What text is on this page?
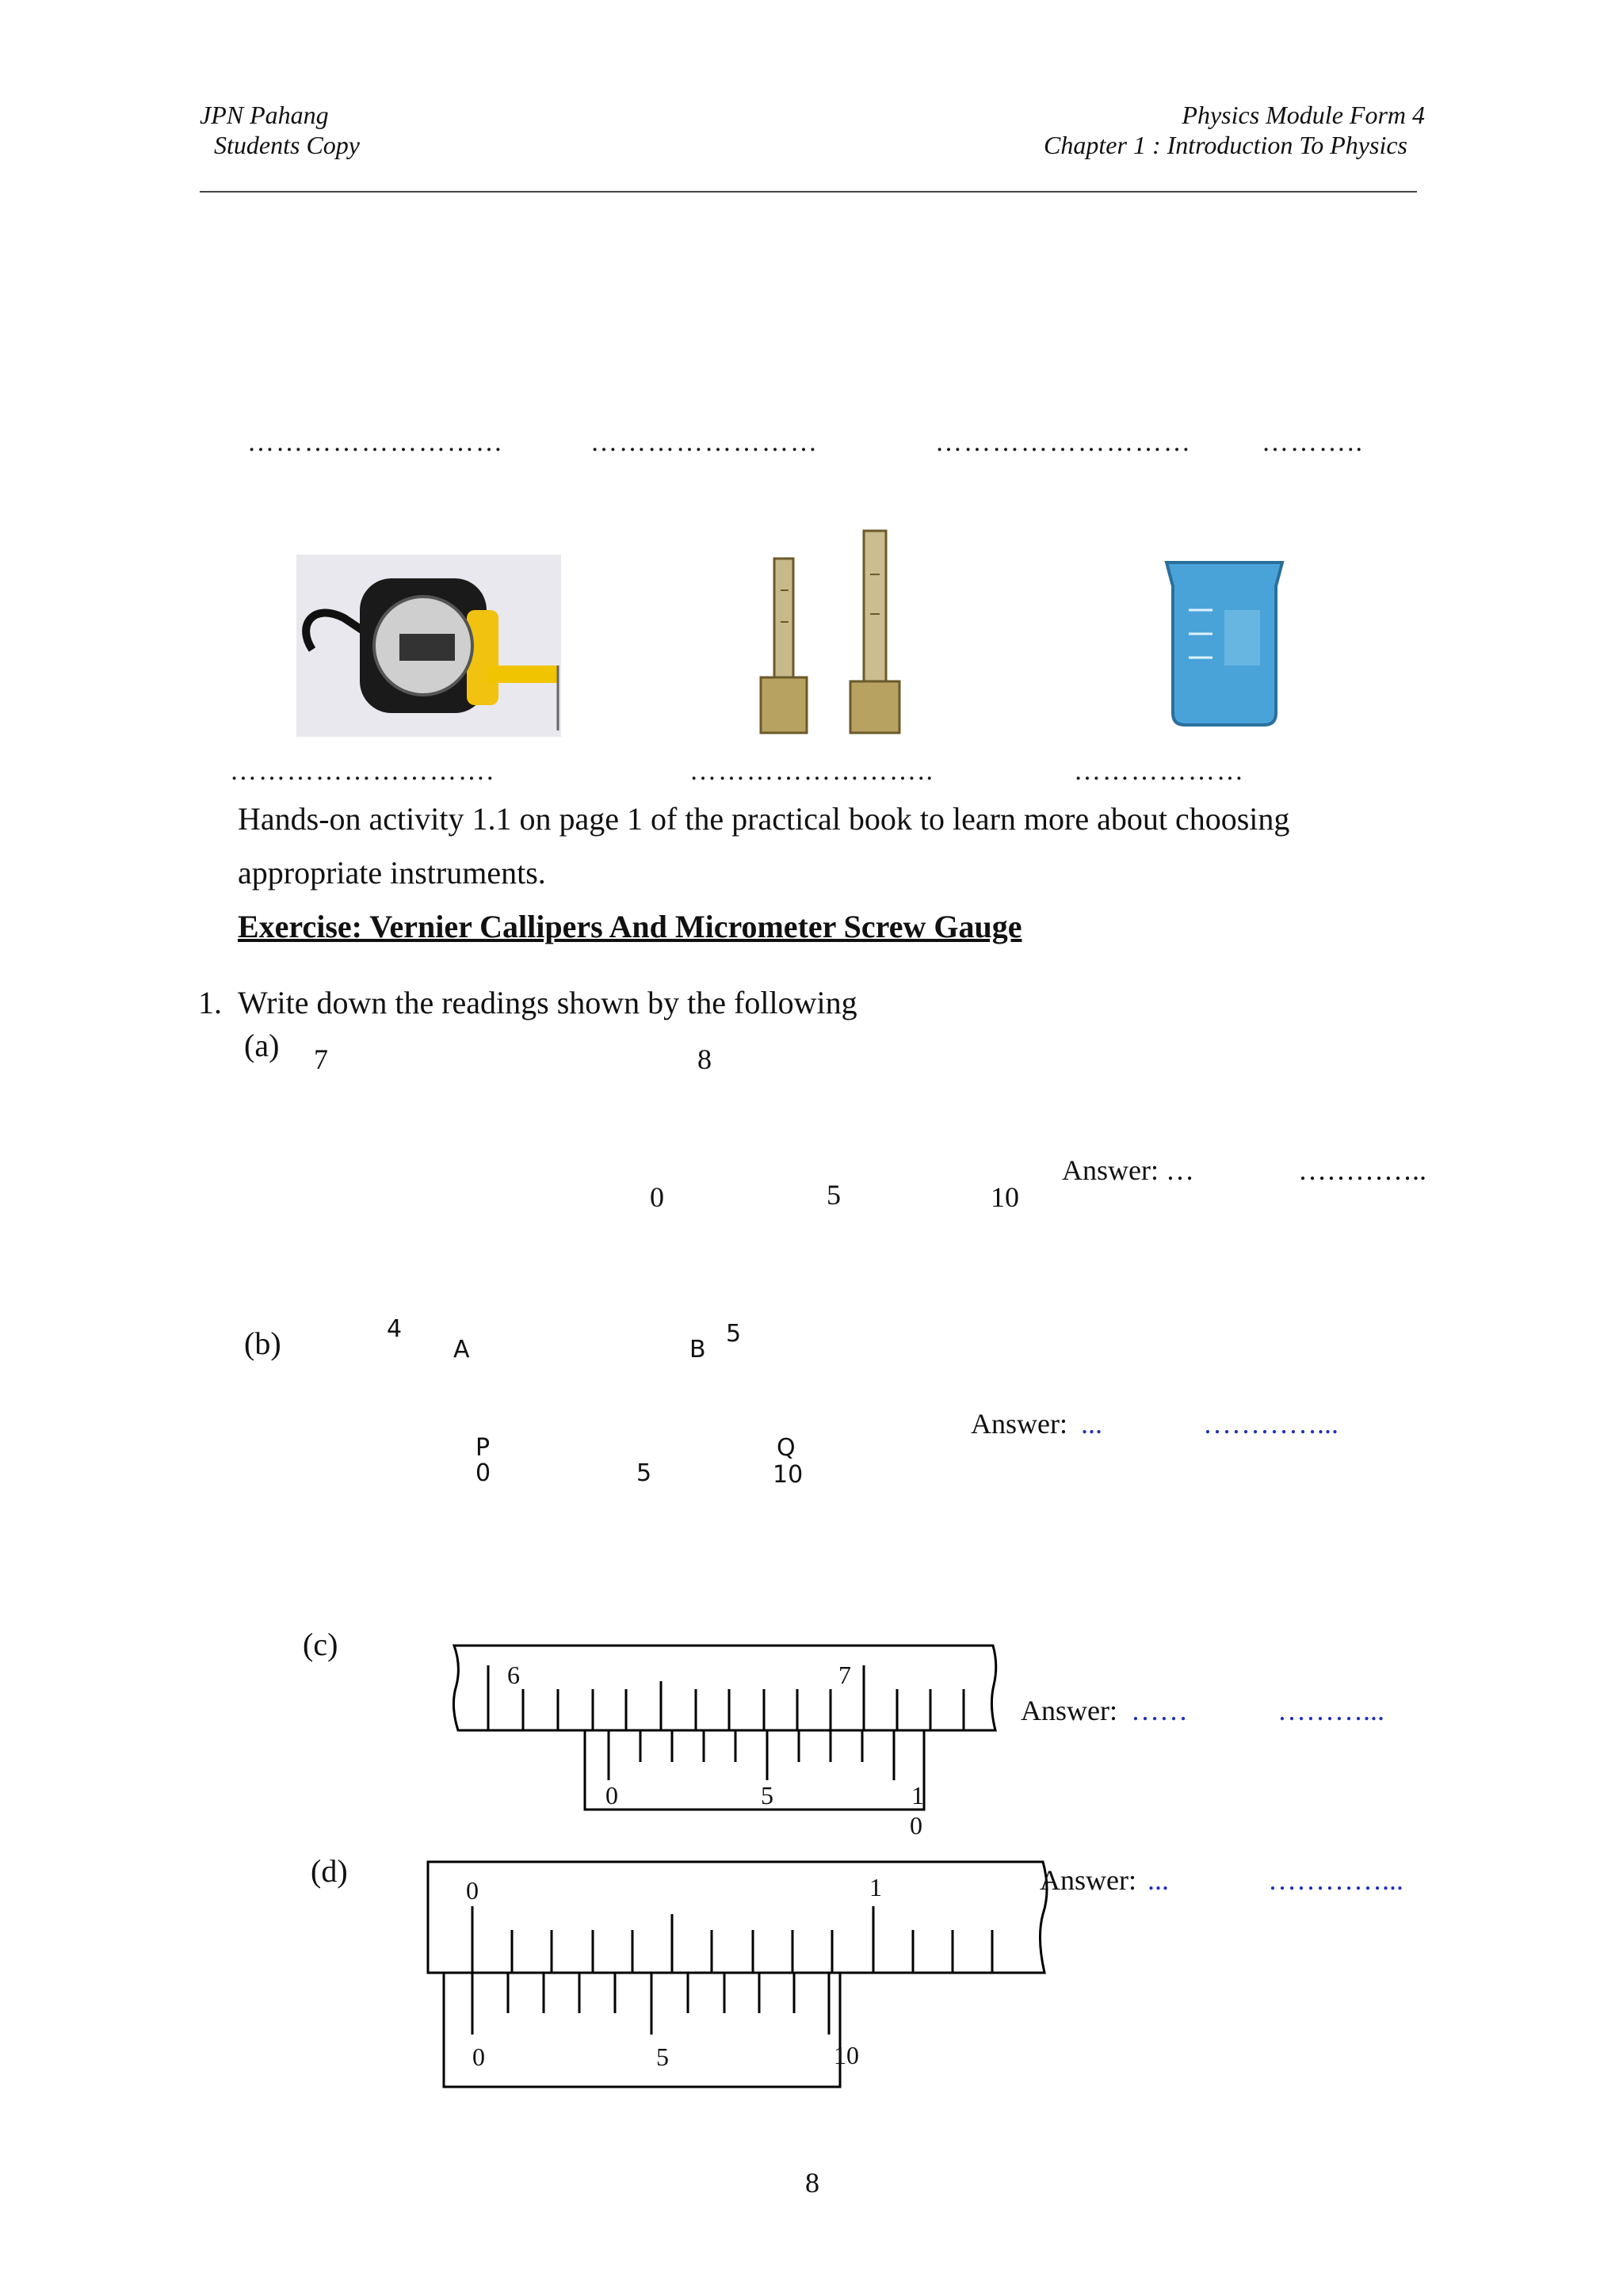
JPN Pahang
Students Copy
Physics Module Form 4
Chapter 1 : Introduction To Physics
………………………	……………………	………………………	………..
……………………….	……………………..	………………
Hands-on activity 1.1 on page 1 of the practical book to learn more about choosing
appropriate instruments.
Exercise: Vernier Callipers And Micrometer Screw Gauge
1. Write down the readings shown by the following
(a) 7	8
0	5	10
Answer: …	…………..
(b)	4
A	B
5
P	Q
0	5	10
Answer: ...	…………...
(c)
6	7
0	5	1
0
Answer: ……	………...
(d)
0	1
0	5	10
Answer: ...	…………...
8
